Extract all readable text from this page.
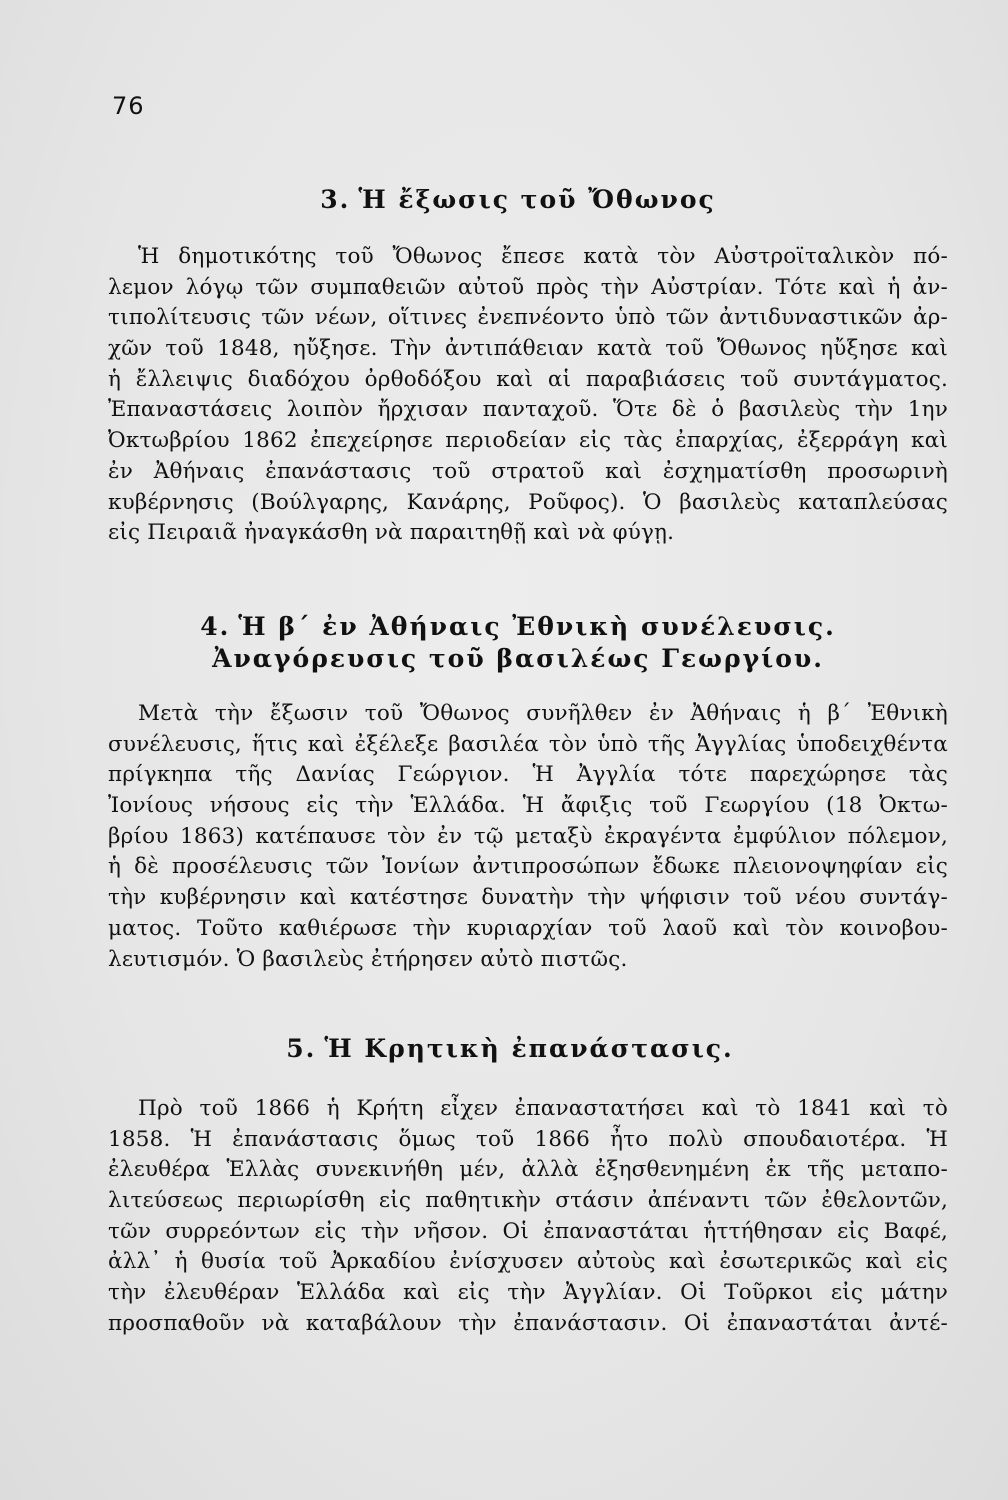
76
3. Ἡ ἔξωσις τοῦ Ὄθωνος
Ἡ δημοτικότης τοῦ Ὄθωνος ἔπεσε κατὰ τὸν Αὐστροϊταλικὸν πό-
λεμον λόγῳ τῶν συμπαθειῶν αὐτοῦ πρὸς τὴν Αὐστρίαν. Τότε καὶ ἡ ἀν-
τιπολίτευσις τῶν νέων, οἵτινες ἐνεπνέοντο ὑπὸ τῶν ἀντιδυναστικῶν ἀρ-
χῶν τοῦ 1848, ηὔξησε. Τὴν ἀντιπάθειαν κατὰ τοῦ Ὄθωνος ηὔξησε καὶ
ἡ ἔλλειψις διαδόχου ὀρθοδόξου καὶ αἱ παραβιάσεις τοῦ συντάγματος.
Ἐπαναστάσεις λοιπὸν ἤρχισαν πανταχοῦ. Ὅτε δὲ ὁ βασιλεὺς τὴν 1ην
Ὀκτωβρίου 1862 ἐπεχείρησε περιοδείαν εἰς τὰς ἐπαρχίας, ἐξερράγη καὶ
ἐν Ἀθήναις ἐπανάστασις τοῦ στρατοῦ καὶ ἐσχηματίσθη προσωρινὴ
κυβέρνησις (Βούλγαρης, Κανάρης, Ροῦφος). Ὁ βασιλεὺς καταπλεύσας
εἰς Πειραιᾶ ἠναγκάσθη νὰ παραιτηθῇ καὶ νὰ φύγῃ.
4. Ἡ β΄ ἐν Ἀθήναις Ἐθνικὴ συνέλευσις.
Ἀναγόρευσις τοῦ βασιλέως Γεωργίου.
Μετὰ τὴν ἔξωσιν τοῦ Ὄθωνος συνῆλθεν ἐν Ἀθήναις ἡ β΄ Ἐθνικὴ
συνέλευσις, ἥτις καὶ ἐξέλεξε βασιλέα τὸν ὑπὸ τῆς Ἀγγλίας ὑποδειχθέντα
πρίγκηπα τῆς Δανίας Γεώργιον. Ἡ Ἀγγλία τότε παρεχώρησε τὰς
Ἰονίους νήσους εἰς τὴν Ἑλλάδα. Ἡ ἄφιξις τοῦ Γεωργίου (18 Ὀκτω-
βρίου 1863) κατέπαυσε τὸν ἐν τῷ μεταξὺ ἐκραγέντα ἐμφύλιον πόλεμον,
ἡ δὲ προσέλευσις τῶν Ἰονίων ἀντιπροσώπων ἔδωκε πλειονοψηφίαν εἰς
τὴν κυβέρνησιν καὶ κατέστησε δυνατὴν τὴν ψήφισιν τοῦ νέου συντάγ-
ματος. Τοῦτο καθιέρωσε τὴν κυριαρχίαν τοῦ λαοῦ καὶ τὸν κοινοβου-
λευτισμόν. Ὁ βασιλεὺς ἐτήρησεν αὐτὸ πιστῶς.
5. Ἡ Κρητικὴ ἐπανάστασις.
Πρὸ τοῦ 1866 ἡ Κρήτη εἶχεν ἐπαναστατήσει καὶ τὸ 1841 καὶ τὸ
1858. Ἡ ἐπανάστασις ὅμως τοῦ 1866 ἦτο πολὺ σπουδαιοτέρα. Ἡ
ἐλευθέρα Ἑλλὰς συνεκινήθη μέν, ἀλλὰ ἐξησθενημένη ἐκ τῆς μεταπο-
λιτεύσεως περιωρίσθη εἰς παθητικὴν στάσιν ἀπέναντι τῶν ἐθελοντῶν,
τῶν συρρεόντων εἰς τὴν νῆσον. Οἱ ἐπαναστάται ἡττήθησαν εἰς Βαφέ,
ἀλλ᾽ ἡ θυσία τοῦ Ἀρκαδίου ἐνίσχυσεν αὐτοὺς καὶ ἐσωτερικῶς καὶ εἰς
τὴν ἐλευθέραν Ἑλλάδα καὶ εἰς τὴν Ἀγγλίαν. Οἱ Τοῦρκοι εἰς μάτην
προσπαθοῦν νὰ καταβάλουν τὴν ἐπανάστασιν. Οἱ ἐπαναστάται ἀντέ-
